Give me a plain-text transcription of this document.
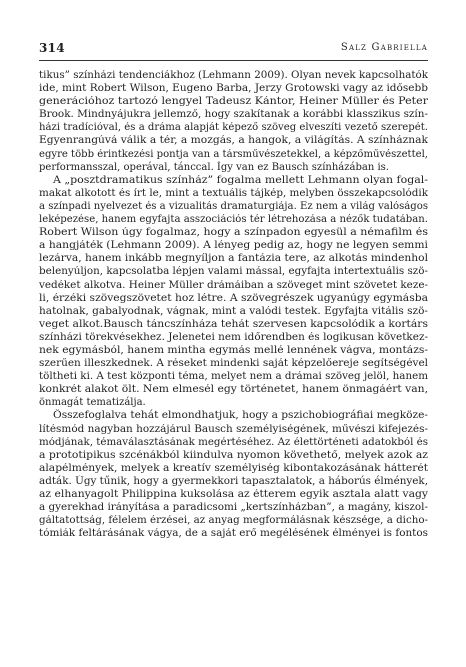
314	Salz Gabriella
tikus” színházi tendenciákhoz (Lehmann 2009). Olyan nevek kapcsolhatók
ide, mint Robert Wilson, Eugeno Barba, Jerzy Grotowski vagy az idősebb
generációhoz tartozó lengyel Tadeusz Kántor, Heiner Müller és Peter
Brook. Mindnyájukra jellemző, hogy szakítanak a korábbi klasszikus szín-
házi tradícióval, és a dráma alapját képező szöveg elveszíti vezető szerepét.
Egyenrangúvá válik a tér, a mozgás, a hangok, a világítás. A színháznak
egyre több érintkezési pontja van a társművészetekkel, a képzőművészettel,
performansszal, operával, tánccal. Így van ez Bausch színházában is.
A „posztdramatikus színház” fogalma mellett Lehmann olyan fogal-
makat alkotott és írt le, mint a textuális tájkép, melyben összekapcsolódik
a színpadi nyelvezet és a vizualitás dramaturgiája. Ez nem a világ valóságos
leképezése, hanem egyfajta asszociációs tér létrehozása a nézők tudatában.
Robert Wilson úgy fogalmaz, hogy a színpadon egyesül a némafilm és
a hangjáték (Lehmann 2009). A lényeg pedig az, hogy ne legyen semmi
lezárva, hanem inkább megnyíljon a fantázia tere, az alkotás mindenhol
belenyúljon, kapcsolatba lépjen valami mással, egyfajta intertextuális szö-
vedéket alkotva. Heiner Müller drámáiban a szöveget mint szövetet keze-
li, érzéki szövegszövetet hoz létre. A szövegrészek ugyanúgy egymásba
hatolnak, gabalyodnak, vágnak, mint a valódi testek. Egyfajta vitális szö-
veget alkot.Bausch táncszínháza tehát szervesen kapcsolódik a kortárs
színházi törekvésekhez. Jelenetei nem időrendben és logikusan következ-
nek egymásból, hanem mintha egymás mellé lennének vágva, montázs-
szerűen illeszkednek. A réseket mindenki saját képzelőereje segítségével
töltheti ki. A test központi téma, melyet nem a drámai szöveg jelöl, hanem
konkrét alakot ölt. Nem elmesél egy történetet, hanem önmagáért van,
önmagát tematizálja.
Összefoglalva tehát elmondhatjuk, hogy a pszichobiográfiai megköze-
lítésmód nagyban hozzájárul Bausch személyiségének, művészi kifejezés-
módjának, témaválasztásának megértéséhez. Az élettörténeti adatokból és
a prototipikus szcénákból kiindulva nyomon követhető, melyek azok az
alapélmények, melyek a kreatív személyiség kibontakozásának hátterét
adták. Úgy tűnik, hogy a gyermekkori tapasztalatok, a háborús élmények,
az elhanyagolt Philippina kuksolása az étterem egyik asztala alatt vagy
a gyerekhad irányítása a paradicsomi „kertszínházban”, a magány, kiszol-
gáltatottság, félelem érzései, az anyag megformálásnak készsége, a dicho-
tómiák feltárásának vágya, de a saját erő megélésének élményei is fontos
